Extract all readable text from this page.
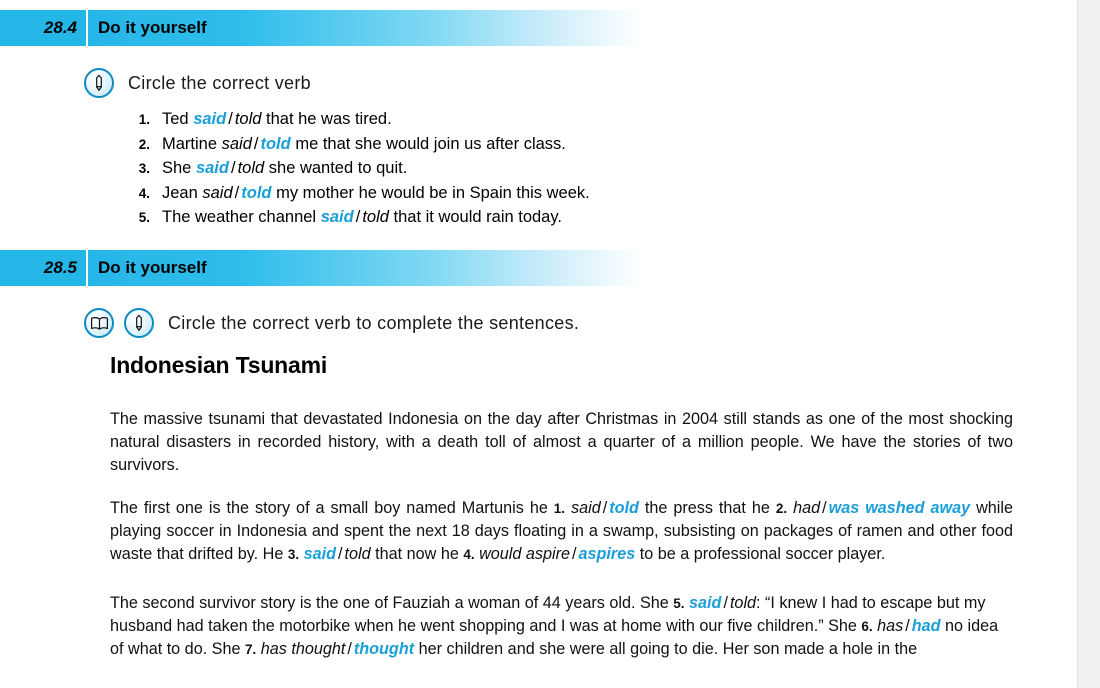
28.4	Do it yourself
Circle the correct verb
1. Ted said / told that he was tired.
2. Martine said / told me that she would join us after class.
3. She said / told she wanted to quit.
4. Jean said / told my mother he would be in Spain this week.
5. The weather channel said / told that it would rain today.
28.5	Do it yourself
Circle the correct verb to complete the sentences.
Indonesian Tsunami
The massive tsunami that devastated Indonesia on the day after Christmas in 2004 still stands as one of the most shocking natural disasters in recorded history, with a death toll of almost a quarter of a million people. We have the stories of two survivors.
The first one is the story of a small boy named Martunis he 1. said / told the press that he 2. had / was washed away while playing soccer in Indonesia and spent the next 18 days floating in a swamp, subsisting on packages of ramen and other food waste that drifted by. He 3. said / told that now he 4. would aspire / aspires to be a professional soccer player.
The second survivor story is the one of Fauziah a woman of 44 years old. She 5. said / told: “I knew I had to escape but my husband had taken the motorbike when he went shopping and I was at home with our five children.” She 6. has / had no idea of what to do. She 7. has thought / thought her children and she were all going to die. Her son made a hole in the
